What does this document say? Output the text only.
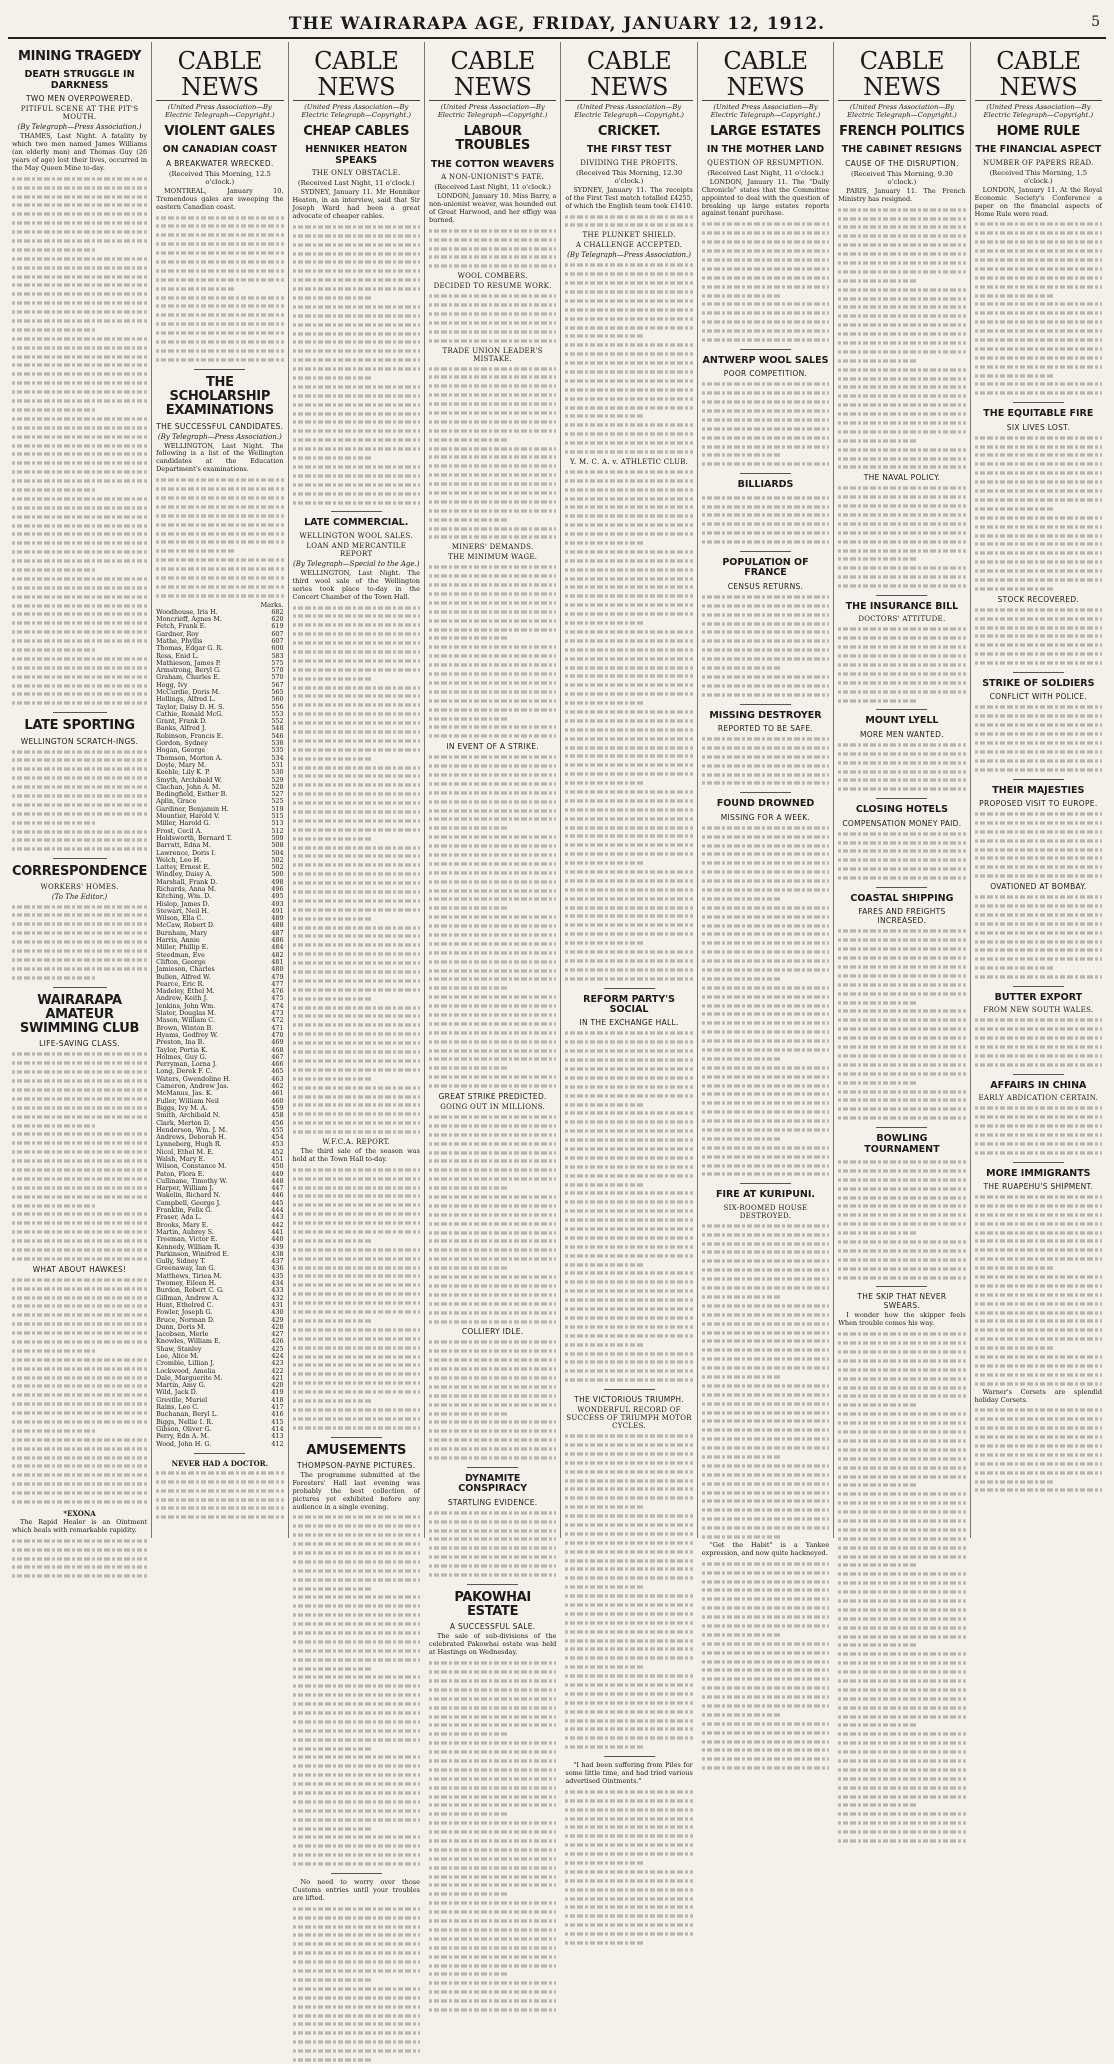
THE WAIRARAPA AGE, FRIDAY, JANUARY 12, 1912.	5
MINING TRAGEDY
DEATH STRUGGLE IN DARKNESS
TWO MEN OVERPOWERED.
PITIFUL SCENE AT THE PIT'S MOUTH.
(By Telegraph—Press Association.)

THAMES, Last Night. A fatality by which two men named James Williams (an elderly man) and Thomas Guy (26 years of age) lost their lives, occurred in the May Queen Mine to-day.

LATE SPORTING
WELLINGTON SCRATCH-INGS.
CORRESPONDENCE
WORKERS' HOMES.
(To The Editor.)
WAIRARAPA AMATEUR SWIMMING CLUB
LIFE-SAVING CLASS.
WHAT ABOUT HAWKES!
*EXONA

The Rapid Healer is an Ointment which heals with remarkable rapidity.

CABLE NEWS
(United Press Association—By Electric Telegraph—Copyright.)
VIOLENT GALES
ON CANADIAN COAST
A BREAKWATER WRECKED.
(Received This Morning, 12.5 o'clock.)

MONTREAL, January 10. Tremendous gales are sweeping the eastern Canadian coast.

THE SCHOLARSHIP EXAMINATIONS
THE SUCCESSFUL CANDIDATES.
(By Telegraph—Press Association.)

WELLINGTON, Last Night. The following is a list of the Wellington candidates at the Education Department's examinations.

Marks.
Woodhouse, Iris H.	682
Moncrieff, Agnes M.	620
Fetch, Frank E.	619
Gardner, Roy	607
Mathe, Phyllis	607
Thomas, Edgar G. R.	600
Ross, Enid L.	583
Mathieson, James P.	575
Armstrong, Beryl G.	570
Graham, Charles E.	570
Hogg, Ivy	567
McCurdie, Doris M.	565
Hollings, Alfred L.	560
Taylor, Daisy D. H. S.	556
Cathie, Ronald McG.	553
Grant, Frank D.	552
Banks, Alfred J.	548
Robinson, Francis E.	546
Gordon, Sydney	538
Hogan, George	535
Thomson, Morton A.	534
Doyle, Mary M.	531
Keeble, Lily K. P.	530
Smyth, Archibald W.	529
Clachan, John A. M.	528
Bedingfield, Esther B.	527
Aplin, Grace	525
Gardiner, Benjamin H.	519
Mountier, Harold V.	515
Miller, Harold G.	513
Frost, Cecil A.	512
Holdsworth, Bernard T.	509
Barratt, Edna M.	508
Lawrence, Doris I.	504
Welch, Leo H.	502
Lattey, Ernest E.	502
Windley, Daisy A.	500
Marshall, Frank D.	498
Richards, Anna M.	496
Kitching, Wm. D.	495
Hislop, James D.	493
Stewart, Neil H.	491
Wilson, Ella C.	489
McCaw, Robert D.	488
Burnham, Mary	487
Harris, Annie	486
Miller, Phillip E.	484
Steedman, Eve	482
Clifton, George	481
Jamieson, Charles	480
Bullen, Alfred W.	479
Pearce, Eric R.	477
Madeley, Ethel M.	476
Andrew, Keith J.	475
Jenkins, John Wm.	474
Slater, Douglas M.	473
Mason, William C.	472
Brown, Winton B.	471
Hyams, Godfrey W.	470
Preston, Ina B.	469
Taylor, Portia K.	468
Holmes, Guy G.	467
Perryman, Lorna J.	466
Long, Derek F. C.	465
Waters, Gwendoline H.	463
Cameron, Andrew Jas.	462
McManus, Jas. K.	461
Fuller, William Neil	460
Biggs, Ivy M. A.	459
Smith, Archibald N.	458
Clark, Merton D.	456
Henderson, Wm. J. M.	455
Andrews, Deborah H.	454
Lynneberg, Hugh R.	453
Nicol, Ethel M. E.	452
Walsh, Mary E.	451
Wilson, Constance M.	450
Paton, Flora E.	449
Cullinane, Timothy W.	448
Harper, William J.	447
Wakelin, Richard N.	446
Campbell, George J.	445
Franklin, Felix G.	444
Fraser, Ada L.	443
Brooks, Mary E.	442
Martin, Aubrey S.	441
Treeman, Victor E.	440
Kennedy, William R.	439
Parkinson, Winifred E.	438
Gully, Sidney T.	437
Greenaway, Ian G.	436
Matthews, Tiriea M.	435
Twomey, Eileen H.	434
Burdon, Robert C. G.	433
Gillman, Andrew A.	432
Hunt, Ethelred C.	431
Fowler, Joseph G.	430
Bruce, Norman D.	429
Dunn, Doris M.	428
Jacobsen, Merle	427
Knowles, William E.	426
Shaw, Stanley	425
Lee, Alice M.	424
Crombie, Lillian J.	423
Lockwood, Amelia	422
Dale, Marguerite M.	421
Martin, Amy G.	420
Wild, Jack D.	419
Greville, Muriel	418
Rains, Leo C.	417
Buchanan, Beryl L.	416
Biggs, Nellie I. R.	415
Gibson, Oliver G.	414
Perry, Edn A. M.	413
Wood, John H. G.	412
NEVER HAD A DOCTOR.
CABLE NEWS
(United Press Association—By Electric Telegraph—Copyright.)
CHEAP CABLES
HENNIKER HEATON SPEAKS
THE ONLY OBSTACLE.
(Received Last Night, 11 o'clock.)

SYDNEY, January 11. Mr Henniker Heaton, in an interview, said that Sir Joseph Ward had been a great advocate of cheaper cables.

LATE COMMERCIAL.
WELLINGTON WOOL SALES.
LOAN AND MERCANTILE REPORT
(By Telegraph—Special to the Age.)

WELLINGTON, Last Night. The third wool sale of the Wellington series took place to-day in the Concert Chamber of the Town Hall.

W.F.C.A. REPORT.

The third sale of the season was held at the Town Hall to-day.

AMUSEMENTS
THOMPSON-PAYNE PICTURES.

The programme submitted at the Foresters' Hall last evening was probably the best collection of pictures yet exhibited before any audience in a single evening.

No need to worry over those Customs entries until your troubles are lifted.

CABLE NEWS
(United Press Association—By Electric Telegraph—Copyright.)
LABOUR TROUBLES
THE COTTON WEAVERS
A NON-UNIONIST'S FATE.
(Received Last Night, 11 o'clock.)

LONDON, January 10. Miss Barry, a non-unionist weaver, was hounded out of Great Harwood, and her effigy was burned.

WOOL COMBERS.
DECIDED TO RESUME WORK.
TRADE UNION LEADER'S MISTAKE.
MINERS' DEMANDS.
THE MINIMUM WAGE.
IN EVENT OF A STRIKE.
GREAT STRIKE PREDICTED.
GOING OUT IN MILLIONS.
COLLIERY IDLE.
DYNAMITE CONSPIRACY
STARTLING EVIDENCE.
PAKOWHAI ESTATE
A SUCCESSFUL SALE.

The sale of sub-divisions of the celebrated Pakowhai estate was held at Hastings on Wednesday.

CABLE NEWS
(United Press Association—By Electric Telegraph—Copyright.)
CRICKET.
THE FIRST TEST
DIVIDING THE PROFITS.
(Received This Morning, 12.30 o'clock.)

SYDNEY, January 11. The receipts of the First Test match totalled £4255, of which the English team took £1410.

THE PLUNKET SHIELD.
A CHALLENGE ACCEPTED.
(By Telegraph—Press Association.)
Y. M. C. A. v. ATHLETIC CLUB.
REFORM PARTY'S SOCIAL
IN THE EXCHANGE HALL.
THE VICTORIOUS TRIUMPH.
WONDERFUL RECORD OF SUCCESS OF TRIUMPH MOTOR CYCLES.

"I had been suffering from Piles for some little time, and had tried various advertised Ointments."

CABLE NEWS
(United Press Association—By Electric Telegraph—Copyright.)
LARGE ESTATES
IN THE MOTHER LAND
QUESTION OF RESUMPTION.
(Received Last Night, 11 o'clock.)

LONDON, January 11. The "Daily Chronicle" states that the Committee appointed to deal with the question of breaking up large estates reports against tenant purchase.

ANTWERP WOOL SALES
POOR COMPETITION.
BILLIARDS
POPULATION OF FRANCE
CENSUS RETURNS.
MISSING DESTROYER
REPORTED TO BE SAFE.
FOUND DROWNED
MISSING FOR A WEEK.
FIRE AT KURIPUNI.
SIX-ROOMED HOUSE DESTROYED.

"Get the Habit" is a Yankee expression, and now quite hackneyed.

CABLE NEWS
(United Press Association—By Electric Telegraph—Copyright.)
FRENCH POLITICS
THE CABINET RESIGNS
CAUSE OF THE DISRUPTION.
(Received This Morning, 9.30 o'clock.)

PARIS, January 11. The French Ministry has resigned.

THE NAVAL POLICY.
THE INSURANCE BILL
DOCTORS' ATTITUDE.
MOUNT LYELL
MORE MEN WANTED.
CLOSING HOTELS
COMPENSATION MONEY PAID.
COASTAL SHIPPING
FARES AND FREIGHTS INCREASED.
BOWLING TOURNAMENT
THE SKIP THAT NEVER SWEARS.

I wonder how the skipper feels When trouble comes his way.

CABLE NEWS
(United Press Association—By Electric Telegraph—Copyright.)
HOME RULE
THE FINANCIAL ASPECT
NUMBER OF PAPERS READ.
(Received This Morning, 1.5 o'clock.)

LONDON, January 11. At the Royal Economic Society's Conference a paper on the financial aspects of Home Rule were read.

THE EQUITABLE FIRE
SIX LIVES LOST.
STOCK RECOVERED.
STRIKE OF SOLDIERS
CONFLICT WITH POLICE.
THEIR MAJESTIES
PROPOSED VISIT TO EUROPE.
OVATIONED AT BOMBAY.
BUTTER EXPORT
FROM NEW SOUTH WALES.
AFFAIRS IN CHINA
EARLY ABDICATION CERTAIN.
MORE IMMIGRANTS
THE RUAPEHU'S SHIPMENT.

Warner's Corsets are splendid holiday Corsets.
